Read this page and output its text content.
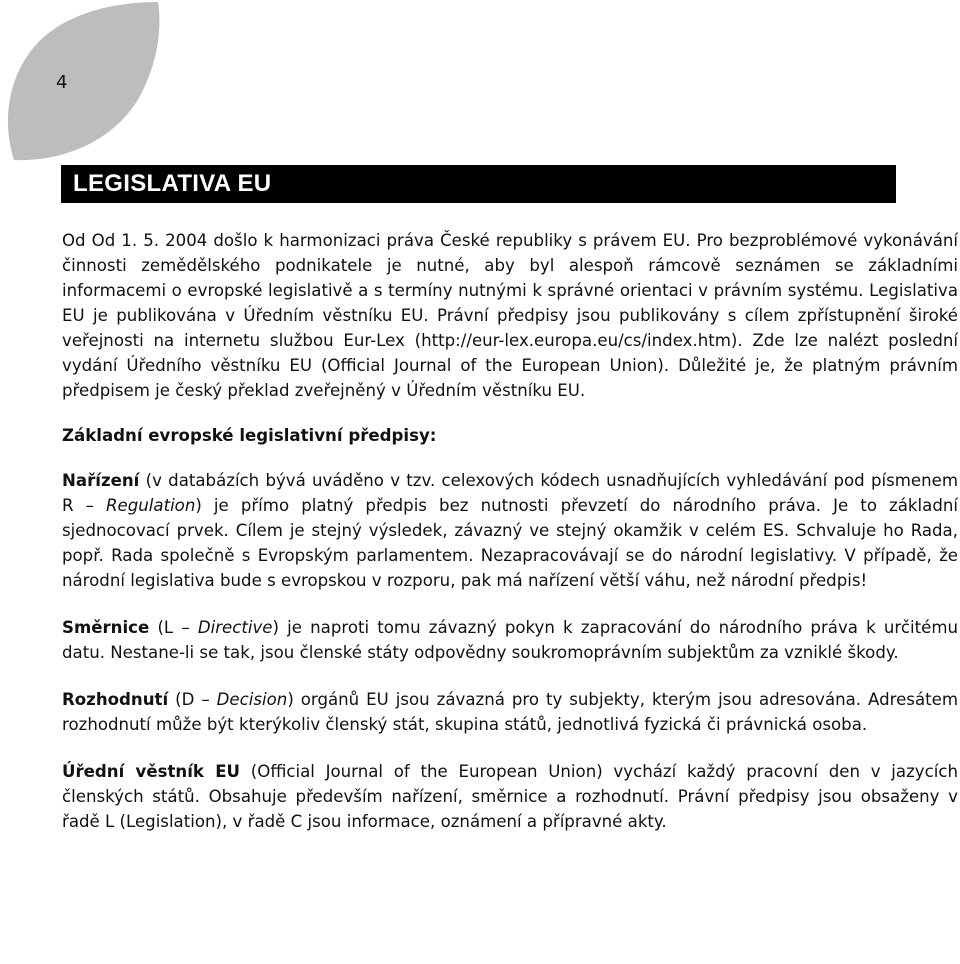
4
LEGISLATIVA EU

Od Od 1. 5. 2004 došlo k harmonizaci práva České republiky s právem EU. Pro bezproblémové vykonávání činnosti zemědělského podnikatele je nutné, aby byl alespoň rámcově seznámen se základními informacemi o evropské legislativě a s termíny nutnými k správné orientaci v právním systému. Legislativa EU je publikována v Úředním věstníku EU. Právní předpisy jsou publikovány s cílem zpřístupnění široké veřejnosti na internetu službou Eur-Lex (http://eur-lex.europa.eu/cs/index.htm). Zde lze nalézt poslední vydání Úředního věstníku EU (Official Journal of the European Union). Důležité je, že platným právním předpisem je český překlad zveřejněný v Úředním věstníku EU.

Základní evropské legislativní předpisy:

Nařízení (v databázích bývá uváděno v tzv. celexových kódech usnadňujících vyhledávání pod písmenem R – Regulation) je přímo platný předpis bez nutnosti převzetí do národního práva. Je to základní sjednocovací prvek. Cílem je stejný výsledek, závazný ve stejný okamžik v celém ES. Schvaluje ho Rada, popř. Rada společně s Evropským parlamentem. Nezapracovávají se do národní legislativy. V případě, že národní legislativa bude s evropskou v rozporu, pak má nařízení větší váhu, než národní předpis!

Směrnice (L – Directive) je naproti tomu závazný pokyn k zapracování do národního práva k určitému datu. Nestane-li se tak, jsou členské státy odpovědny soukromoprávním subjektům za vzniklé škody.

Rozhodnutí (D – Decision) orgánů EU jsou závazná pro ty subjekty, kterým jsou adresována. Adresátem rozhodnutí může být kterýkoliv členský stát, skupina států, jednotlivá fyzická či právnická osoba.

Úřední věstník EU (Official Journal of the European Union) vychází každý pracovní den v jazycích členských států. Obsahuje především nařízení, směrnice a rozhodnutí. Právní předpisy jsou obsaženy v řadě L (Legislation), v řadě C jsou informace, oznámení a přípravné akty.
